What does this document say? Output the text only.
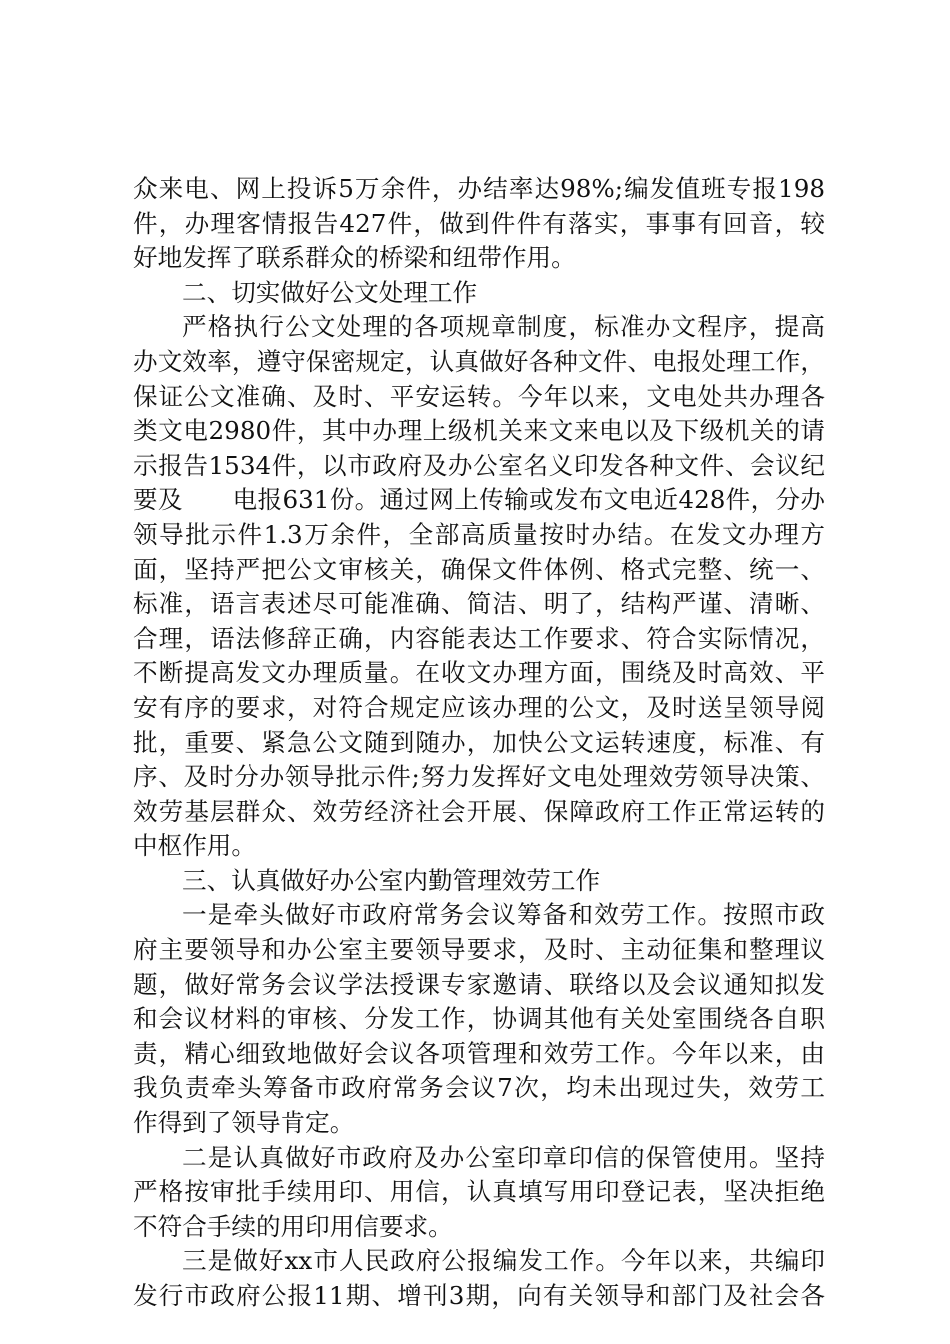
众来电、网上投诉5万余件，办结率达98%;编发值班专报198
件，办理客情报告427件，做到件件有落实，事事有回音，较
好地发挥了联系群众的桥梁和纽带作用。
二、切实做好公文处理工作
严格执行公文处理的各项规章制度，标准办文程序，提高
办文效率，遵守保密规定，认真做好各种文件、电报处理工作，
保证公文准确、及时、平安运转。今年以来，文电处共办理各
类文电2980件，其中办理上级机关来文来电以及下级机关的请
示报告1534件，以市政府及办公室名义印发各种文件、会议纪
要及　　电报631份。通过网上传输或发布文电近428件，分办
领导批示件1.3万余件，全部高质量按时办结。在发文办理方
面，坚持严把公文审核关，确保文件体例、格式完整、统一、
标准，语言表述尽可能准确、简洁、明了，结构严谨、清晰、
合理，语法修辞正确，内容能表达工作要求、符合实际情况，
不断提高发文办理质量。在收文办理方面，围绕及时高效、平
安有序的要求，对符合规定应该办理的公文，及时送呈领导阅
批，重要、紧急公文随到随办，加快公文运转速度，标准、有
序、及时分办领导批示件;努力发挥好文电处理效劳领导决策、
效劳基层群众、效劳经济社会开展、保障政府工作正常运转的
中枢作用。
三、认真做好办公室内勤管理效劳工作
一是牵头做好市政府常务会议筹备和效劳工作。按照市政
府主要领导和办公室主要领导要求，及时、主动征集和整理议
题，做好常务会议学法授课专家邀请、联络以及会议通知拟发
和会议材料的审核、分发工作，协调其他有关处室围绕各自职
责，精心细致地做好会议各项管理和效劳工作。今年以来，由
我负责牵头筹备市政府常务会议7次，均未出现过失，效劳工
作得到了领导肯定。
二是认真做好市政府及办公室印章印信的保管使用。坚持
严格按审批手续用印、用信，认真填写用印登记表，坚决拒绝
不符合手续的用印用信要求。
三是做好xx市人民政府公报编发工作。今年以来，共编印
发行市政府公报11期、增刊3期，向有关领导和部门及社会各
